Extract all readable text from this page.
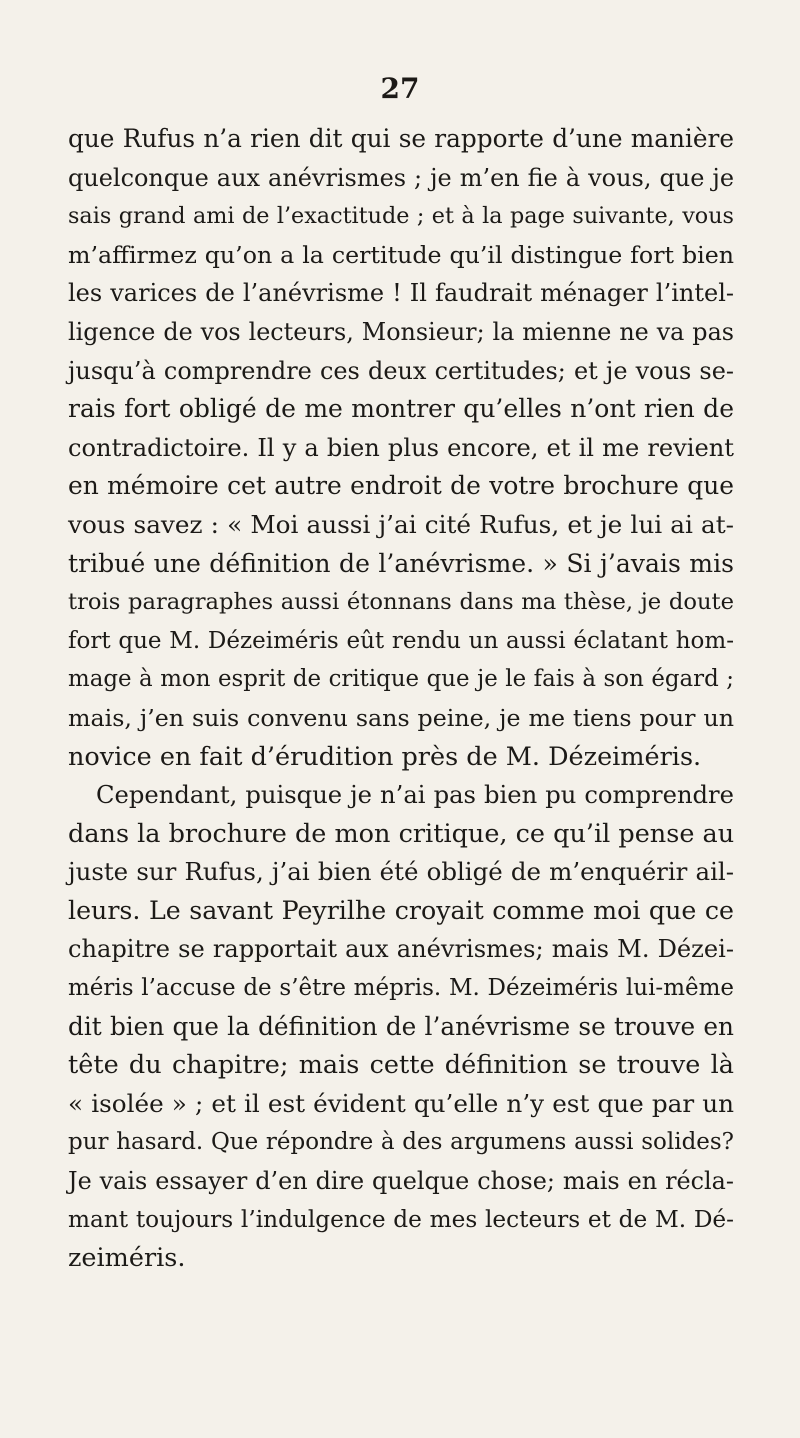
27
que Rufus n’a rien dit qui se rapporte d’une manière
quelconque aux anévrismes ; je m’en fie à vous, que je
sais grand ami de l’exactitude ; et à la page suivante, vous
m’affirmez qu’on a la certitude qu’il distingue fort bien
les varices de l’anévrisme ! Il faudrait ménager l’intel-
ligence de vos lecteurs, Monsieur; la mienne ne va pas
jusqu’à comprendre ces deux certitudes; et je vous se-
rais fort obligé de me montrer qu’elles n’ont rien de
contradictoire. Il y a bien plus encore, et il me revient
en mémoire cet autre endroit de votre brochure que
vous savez : « Moi aussi j’ai cité Rufus, et je lui ai at-
tribué une définition de l’anévrisme. » Si j’avais mis
trois paragraphes aussi étonnans dans ma thèse, je doute
fort que M. Dézeiméris eût rendu un aussi éclatant hom-
mage à mon esprit de critique que je le fais à son égard ;
mais, j’en suis convenu sans peine, je me tiens pour un
novice en fait d’érudition près de M. Dézeiméris.
Cependant, puisque je n’ai pas bien pu comprendre
dans la brochure de mon critique, ce qu’il pense au
juste sur Rufus, j’ai bien été obligé de m’enquérir ail-
leurs. Le savant Peyrilhe croyait comme moi que ce
chapitre se rapportait aux anévrismes; mais M. Dézei-
méris l’accuse de s’être mépris. M. Dézeiméris lui-même
dit bien que la définition de l’anévrisme se trouve en
tête du chapitre; mais cette définition se trouve là
« isolée » ; et il est évident qu’elle n’y est que par un
pur hasard. Que répondre à des argumens aussi solides?
Je vais essayer d’en dire quelque chose; mais en récla-
mant toujours l’indulgence de mes lecteurs et de M. Dé-
zeiméris.
